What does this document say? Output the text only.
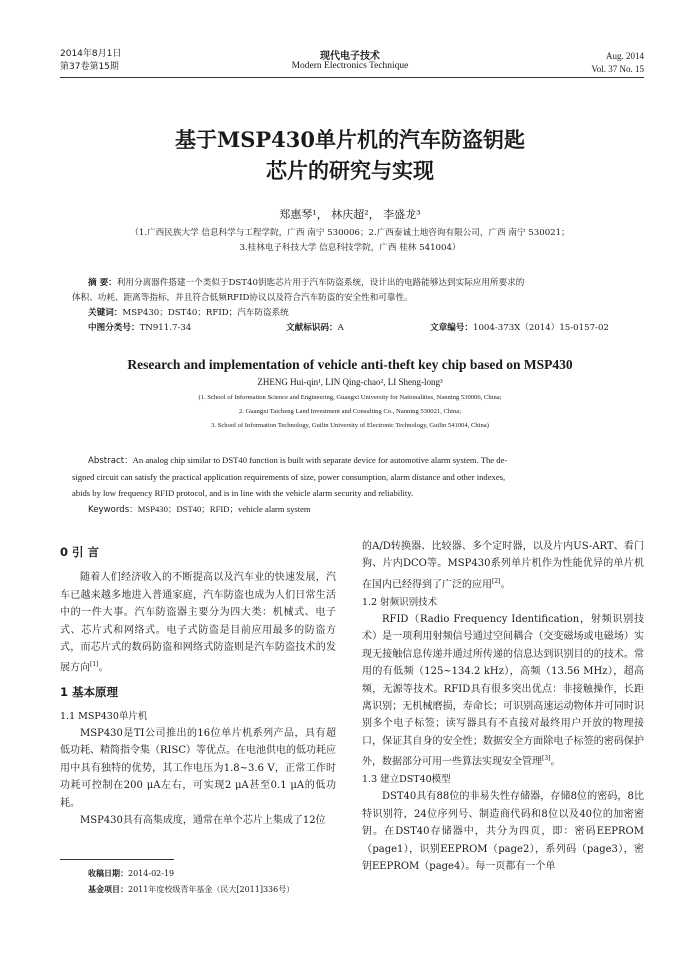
2014年8月1日
第37卷第15期
现代电子技术
Modern Electronics Technique
Aug. 2014
Vol. 37 No. 15
基于MSP430单片机的汽车防盗钥匙
芯片的研究与实现
郑惠琴¹， 林庆超²， 李盛龙³
（1.广西民族大学 信息科学与工程学院，广西 南宁 530006；2.广西泰诚土地咨询有限公司，广西 南宁 530021；
3.桂林电子科技大学 信息科技学院，广西 桂林 541004）
摘 要：利用分离器件搭建一个类似于DST40钥匙芯片用于汽车防盗系统，设计出的电路能够达到实际应用所要求的
体积、功耗、距离等指标，并且符合低频RFID协议以及符合汽车防盗的安全性和可靠性。
关键词：MSP430；DST40；RFID；汽车防盗系统
中图分类号：TN911.7-34	文献标识码：A	文章编号：1004-373X（2014）15-0157-02
Research and implementation of vehicle anti-theft key chip based on MSP430
ZHENG Hui-qin¹, LIN Qing-chao², LI Sheng-long³
(1. School of Information Science and Engineering, Guangxi University for Nationalities, Nanning 530006, China;
2. Guangxi Taicheng Land Investment and Consulting Co., Nanning 530021, China;
3. School of Information Technology, Guilin University of Electronic Technology, Guilin 541004, China)
Abstract：An analog chip similar to DST40 function is built with separate device for automotive alarm system. The de-
signed circuit can satisfy the practical application requirements of size, power consumption, alarm distance and other indexes,
abids by low frequency RFID protocol, and is in line with the vehicle alarm security and reliability.
Keywords：MSP430；DST40；RFID；vehicle alarm system
0 引 言

随着人们经济收入的不断提高以及汽车业的快速发展，汽车已越来越多地进入普通家庭，汽车防盗也成为人们日常生活中的一件大事。汽车防盗器主要分为四大类：机械式、电子式、芯片式和网络式。电子式防盗是目前应用最多的防盗方式，而芯片式的数码防盗和网络式防盗则是汽车防盗技术的发展方向[1]。

1 基本原理
1.1 MSP430单片机

MSP430是TI公司推出的16位单片机系列产品，具有超低功耗、精简指令集（RISC）等优点。在电池供电的低功耗应用中具有独特的优势，其工作电压为1.8~3.6 V，正常工作时功耗可控制在200 μA左右，可实现2 μA甚至0.1 μA的低功耗。

MSP430具有高集成度，通常在单个芯片上集成了12位

收稿日期：2014-02-19
基金项目：2011年度校级青年基金（民大[2011]336号）

的A/D转换器、比较器、多个定时器，以及片内US-ART、看门狗、片内DCO等。MSP430系列单片机作为性能优异的单片机在国内已经得到了广泛的应用[2]。

1.2 射频识别技术

RFID（Radio Frequency Identification，射频识别技术）是一项利用射频信号通过空间耦合（交变磁场或电磁场）实现无接触信息传递并通过所传递的信息达到识别目的的技术。常用的有低频（125~134.2 kHz），高频（13.56 MHz），超高频，无源等技术。RFID具有很多突出优点：非接触操作，长距离识别；无机械磨损，寿命长；可识别高速运动物体并可同时识别多个电子标签；读写器具有不直接对最终用户开放的物理接口，保证其自身的安全性；数据安全方面除电子标签的密码保护外，数据部分可用一些算法实现安全管理[3]。

1.3 建立DST40模型

DST40具有88位的非易失性存储器，存储8位的密码，8比特识别符，24位序列号、制造商代码和8位以及40位的加密密钥。在DST40存储器中，共分为四页，即：密码EEPROM（page1），识别EEPROM（page2），系列码（page3），密钥EEPROM（page4）。每一页都有一个单
